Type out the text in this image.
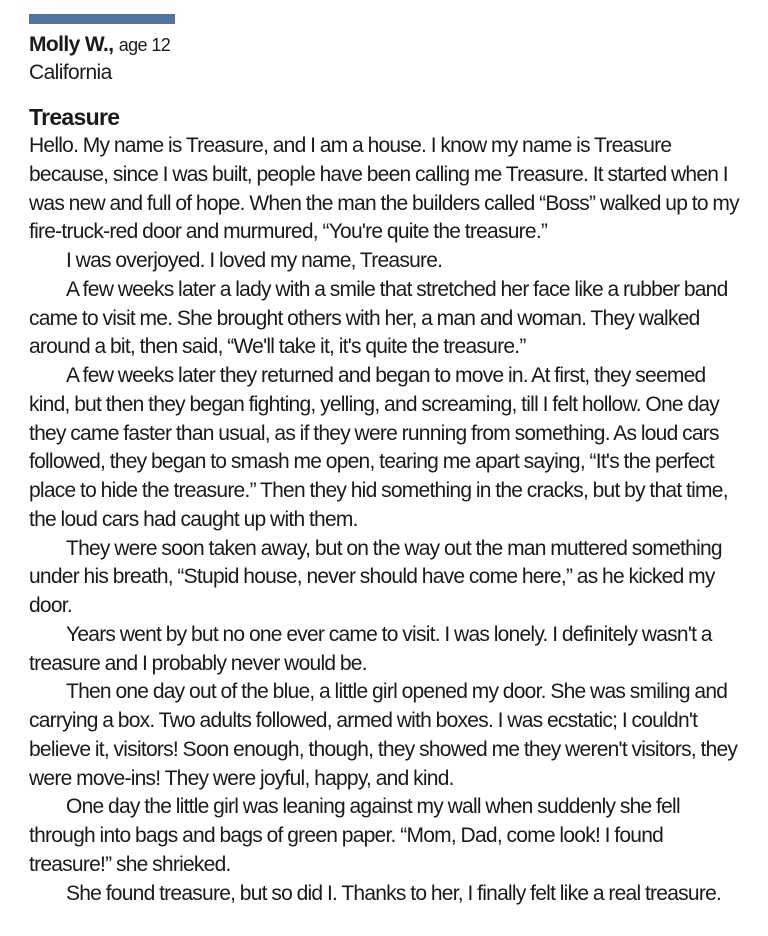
Molly W., age 12
California
Treasure

Hello. My name is Treasure, and I am a house. I know my name is Treasure because, since I was built, people have been calling me Treasure. It started when I was new and full of hope. When the man the builders called “Boss” walked up to my fire-truck-red door and murmured, “You're quite the treasure.”

I was overjoyed. I loved my name, Treasure.

A few weeks later a lady with a smile that stretched her face like a rubber band came to visit me. She brought others with her, a man and woman. They walked around a bit, then said, “We'll take it, it's quite the treasure.”

A few weeks later they returned and began to move in. At first, they seemed kind, but then they began fighting, yelling, and screaming, till I felt hollow. One day they came faster than usual, as if they were running from something. As loud cars followed, they began to smash me open, tearing me apart saying, “It's the perfect place to hide the treasure.” Then they hid something in the cracks, but by that time, the loud cars had caught up with them.

They were soon taken away, but on the way out the man muttered something under his breath, “Stupid house, never should have come here,” as he kicked my door.

Years went by but no one ever came to visit. I was lonely. I definitely wasn't a treasure and I probably never would be.

Then one day out of the blue, a little girl opened my door. She was smiling and carrying a box. Two adults followed, armed with boxes. I was ecstatic; I couldn't believe it, visitors! Soon enough, though, they showed me they weren't visitors, they were move-ins! They were joyful, happy, and kind.

One day the little girl was leaning against my wall when suddenly she fell through into bags and bags of green paper. “Mom, Dad, come look! I found treasure!” she shrieked.

She found treasure, but so did I. Thanks to her, I finally felt like a real treasure.
